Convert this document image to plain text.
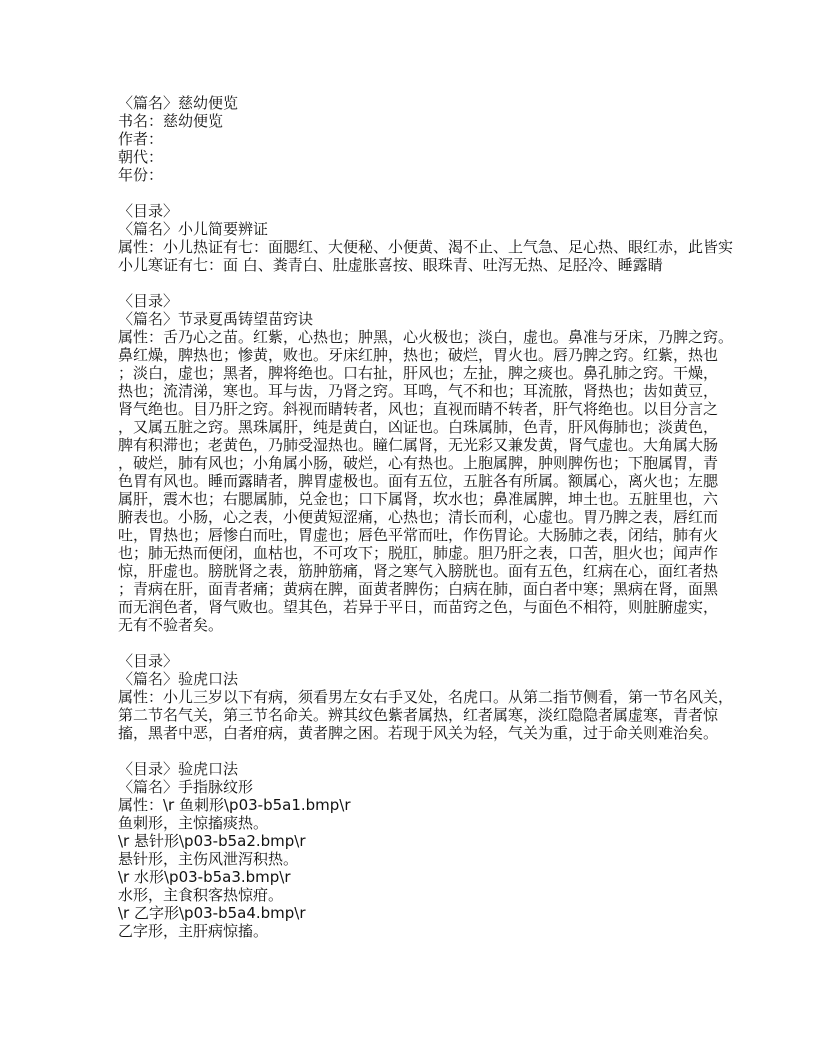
〈篇名〉慈幼便览
书名：慈幼便览
作者：
朝代：
年份：
〈目录〉
〈篇名〉小儿简要辨证
属性：小儿热证有七：面腮红、大便秘、小便黄、渴不止、上气急、足心热、眼红赤，此皆实
小儿寒证有七：面 白、粪青白、肚虚胀喜按、眼珠青、吐泻无热、足胫冷、睡露睛
〈目录〉
〈篇名〉节录夏禹铸望苗窍诀
属性：舌乃心之苗。红紫，心热也；肿黑，心火极也；淡白，虚也。鼻准与牙床，乃脾之窍。
鼻红燥，脾热也；惨黄，败也。牙床红肿，热也；破烂，胃火也。唇乃脾之窍。红紫，热也
；淡白，虚也；黑者，脾将绝也。口右扯，肝风也；左扯，脾之痰也。鼻孔肺之窍。干燥，
热也；流清涕，寒也。耳与齿，乃肾之窍。耳鸣，气不和也；耳流脓，肾热也；齿如黄豆，
肾气绝也。目乃肝之窍。斜视而睛转者，风也；直视而睛不转者，肝气将绝也。以目分言之
，又属五脏之窍。黑珠属肝，纯是黄白，凶证也。白珠属肺，色青，肝风侮肺也；淡黄色，
脾有积滞也；老黄色，乃肺受湿热也。瞳仁属肾，无光彩又兼发黄，肾气虚也。大角属大肠
，破烂，肺有风也；小角属小肠，破烂，心有热也。上胞属脾，肿则脾伤也；下胞属胃，青
色胃有风也。睡而露睛者，脾胃虚极也。面有五位，五脏各有所属。额属心，离火也；左腮
属肝，震木也；右腮属肺，兑金也；口下属肾，坎水也；鼻准属脾，坤土也。五脏里也，六
腑表也。小肠，心之表，小便黄短涩痛，心热也；清长而利，心虚也。胃乃脾之表，唇红而
吐，胃热也；唇惨白而吐，胃虚也；唇色平常而吐，作伤胃论。大肠肺之表，闭结，肺有火
也；肺无热而便闭，血枯也，不可攻下；脱肛，肺虚。胆乃肝之表，口苦，胆火也；闻声作
惊，肝虚也。膀胱肾之表，筋肿筋痛，肾之寒气入膀胱也。面有五色，红病在心，面红者热
；青病在肝，面青者痛；黄病在脾，面黄者脾伤；白病在肺，面白者中寒；黑病在肾，面黑
而无润色者，肾气败也。望其色，若异于平日，而苗窍之色，与面色不相符，则脏腑虚实，
无有不验者矣。
〈目录〉
〈篇名〉验虎口法
属性：小儿三岁以下有病，须看男左女右手叉处，名虎口。从第二指节侧看，第一节名风关，
第二节名气关，第三节名命关。辨其纹色紫者属热，红者属寒，淡红隐隐者属虚寒，青者惊
搐，黑者中恶，白者疳病，黄者脾之困。若现于风关为轻，气关为重，过于命关则难治矣。
〈目录〉验虎口法
〈篇名〉手指脉纹形
属性：\r 鱼刺形\p03-b5a1.bmp\r
鱼刺形，主惊搐痰热。
\r 悬针形\p03-b5a2.bmp\r
悬针形，主伤风泄泻积热。
\r 水形\p03-b5a3.bmp\r
水形，主食积客热惊疳。
\r 乙字形\p03-b5a4.bmp\r
乙字形，主肝病惊搐。
